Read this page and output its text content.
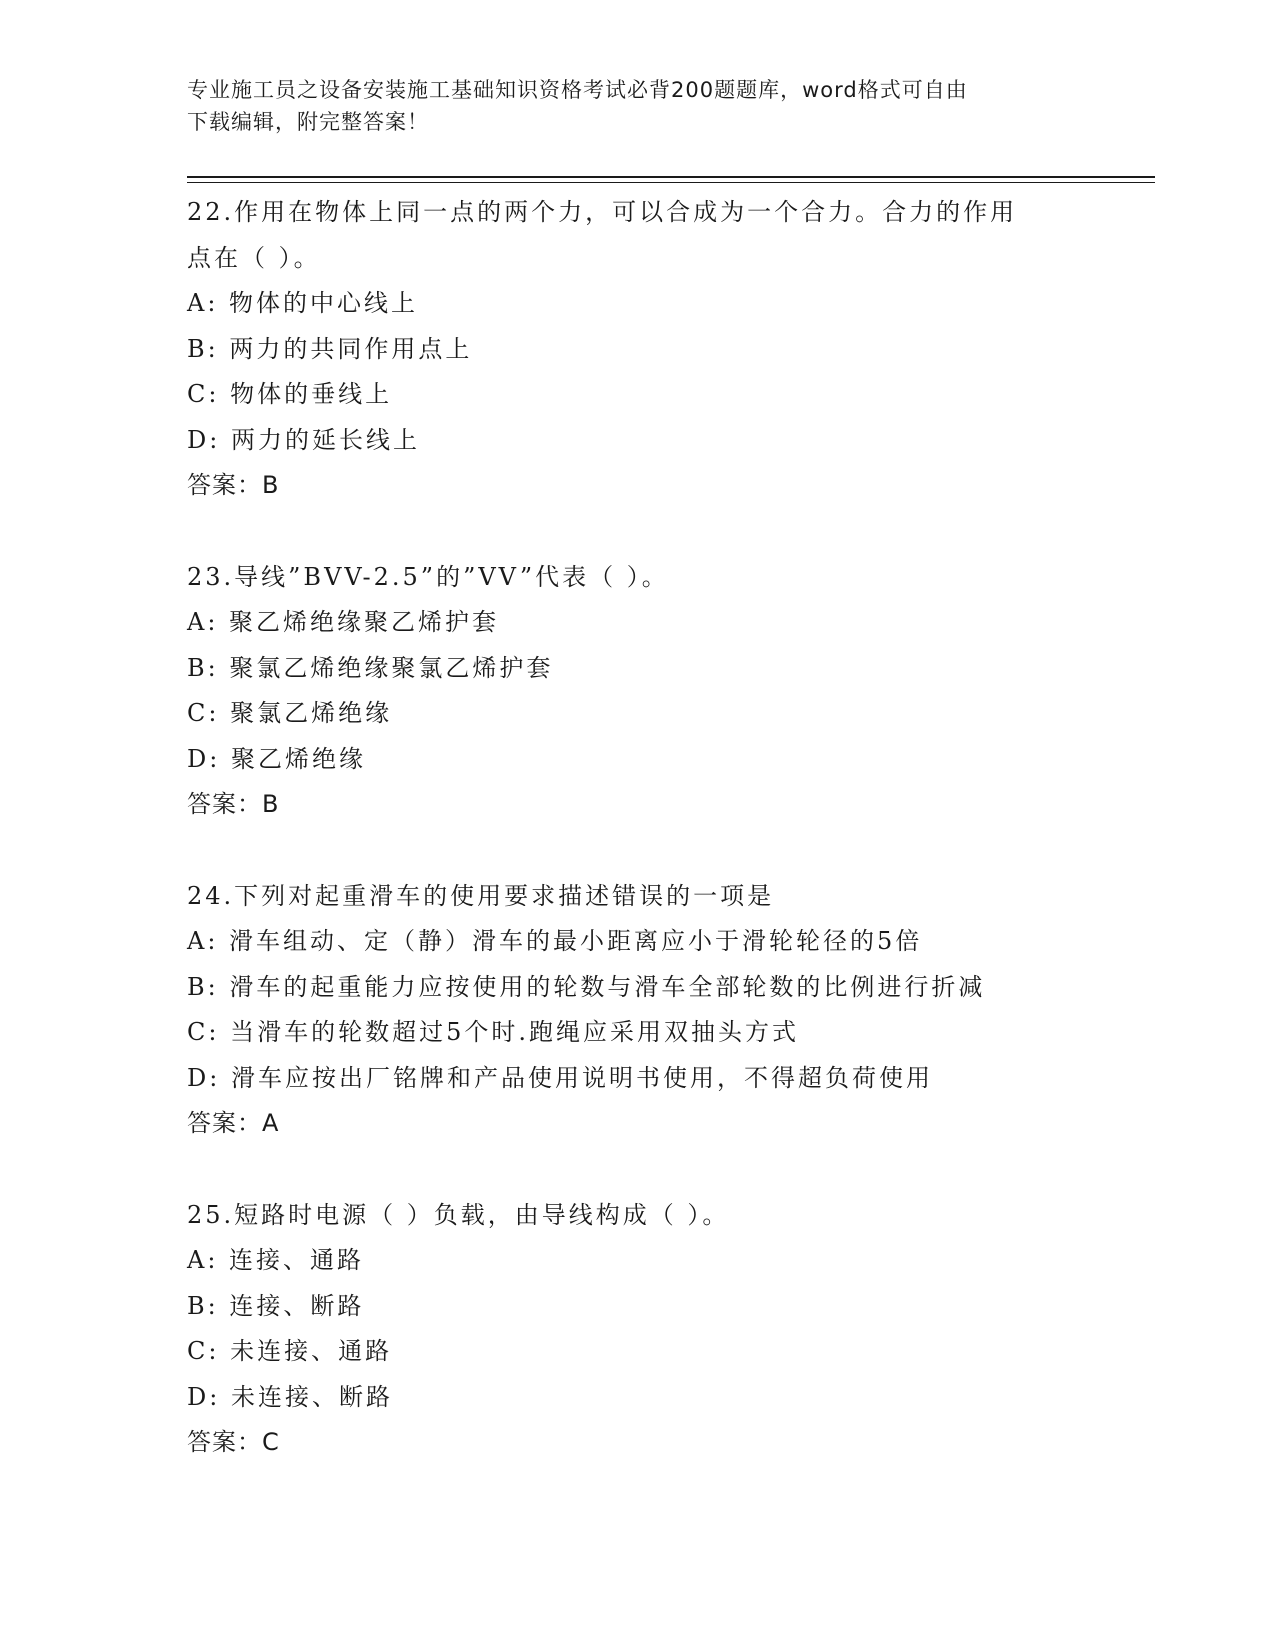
专业施工员之设备安装施工基础知识资格考试必背200题题库，word格式可自由
下载编辑，附完整答案！

22.作用在物体上同一点的两个力，可以合成为一个合力。合力的作用

点在（ ）。

A: 物体的中心线上

B: 两力的共同作用点上

C: 物体的垂线上

D: 两力的延长线上

答案：B

23.导线”BVV-2.5”的”VV”代表（ ）。

A: 聚乙烯绝缘聚乙烯护套

B: 聚氯乙烯绝缘聚氯乙烯护套

C: 聚氯乙烯绝缘

D: 聚乙烯绝缘

答案：B

24.下列对起重滑车的使用要求描述错误的一项是

A: 滑车组动、定（静）滑车的最小距离应小于滑轮轮径的5倍

B: 滑车的起重能力应按使用的轮数与滑车全部轮数的比例进行折减

C: 当滑车的轮数超过5个时.跑绳应采用双抽头方式

D: 滑车应按出厂铭牌和产品使用说明书使用，不得超负荷使用

答案：A

25.短路时电源（ ）负载，由导线构成（ ）。

A: 连接、通路

B: 连接、断路

C: 未连接、通路

D: 未连接、断路

答案：C
